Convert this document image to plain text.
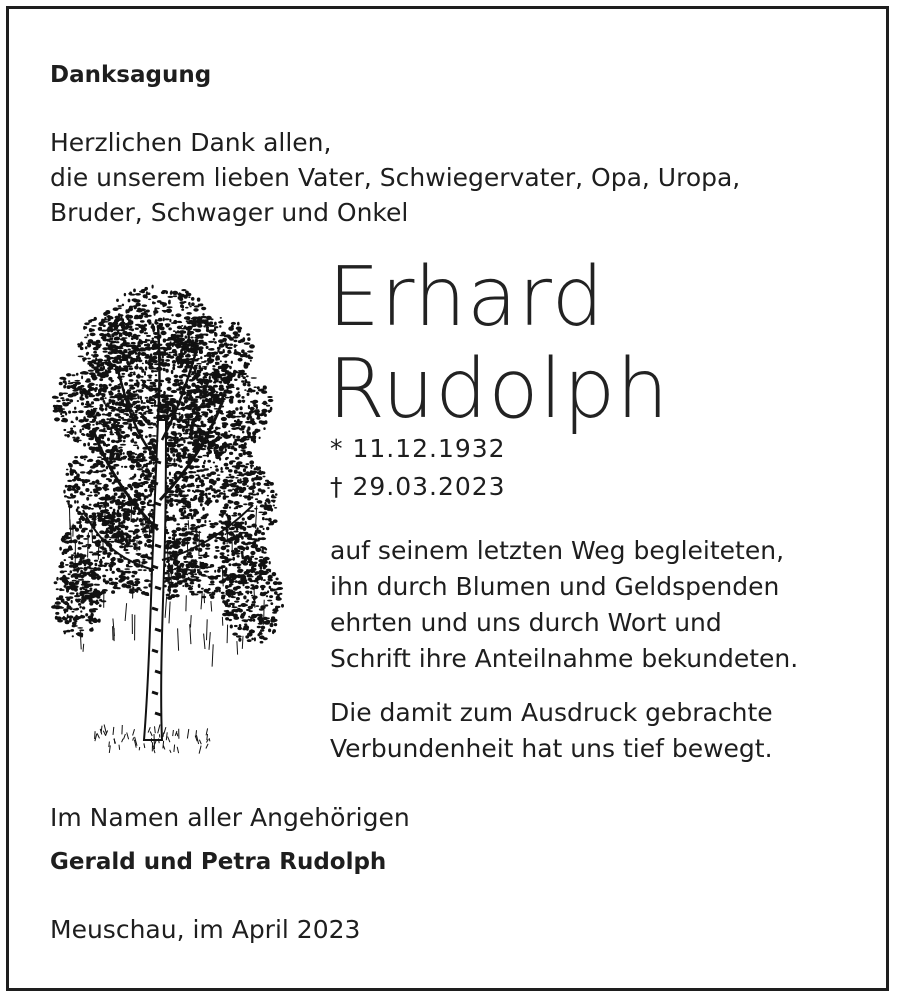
Danksagung
Herzlichen Dank allen,
die unserem lieben Vater, Schwiegervater, Opa, Uropa,
Bruder, Schwager und Onkel
Erhard
Rudolph
* 11.12.1932
† 29.03.2023
auf seinem letzten Weg begleiteten,
ihn durch Blumen und Geldspenden
ehrten und uns durch Wort und
Schrift ihre Anteilnahme bekundeten.
Die damit zum Ausdruck gebrachte
Verbundenheit hat uns tief bewegt.
Im Namen aller Angehörigen
Gerald und Petra Rudolph
Meuschau, im April 2023
